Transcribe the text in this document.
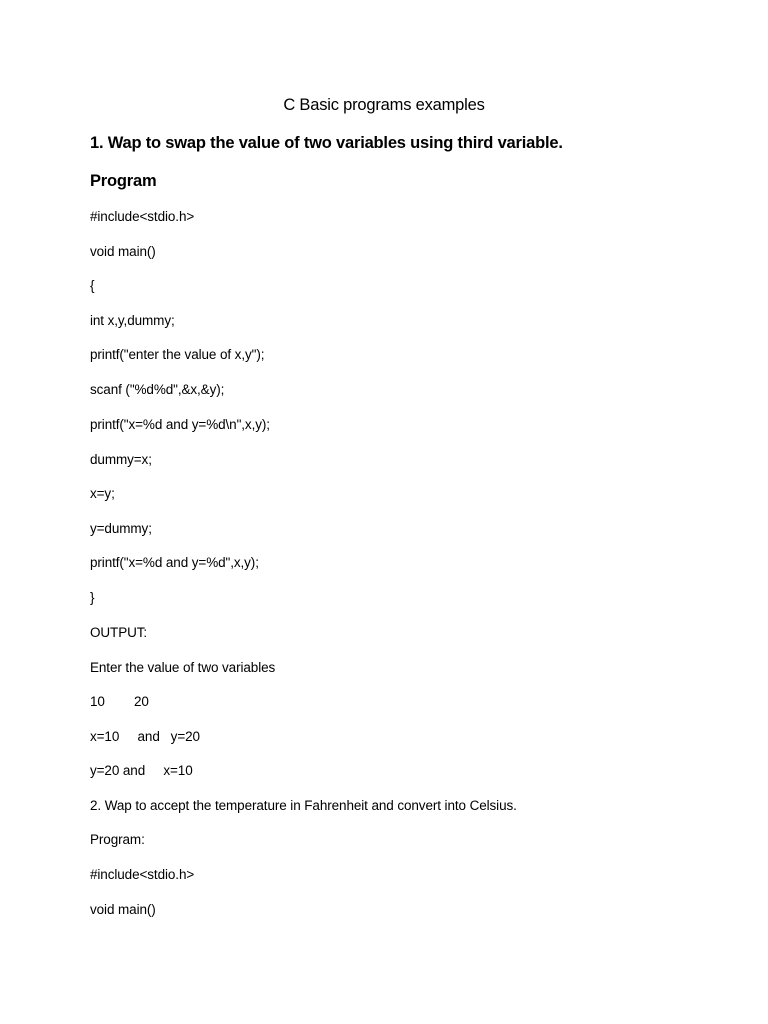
C Basic programs examples
1. Wap to swap the value of two variables using third variable.
Program
#include<stdio.h>
void main()
{
int x,y,dummy;
printf("enter the value of x,y");
scanf ("%d%d",&x,&y);
printf("x=%d and y=%d\n",x,y);
dummy=x;
x=y;
y=dummy;
printf("x=%d and y=%d",x,y);
}
OUTPUT:
Enter the value of two variables
10        20
x=10     and   y=20
y=20 and     x=10
2. Wap to accept the temperature in Fahrenheit and convert into Celsius.
Program:
#include<stdio.h>
void main()
